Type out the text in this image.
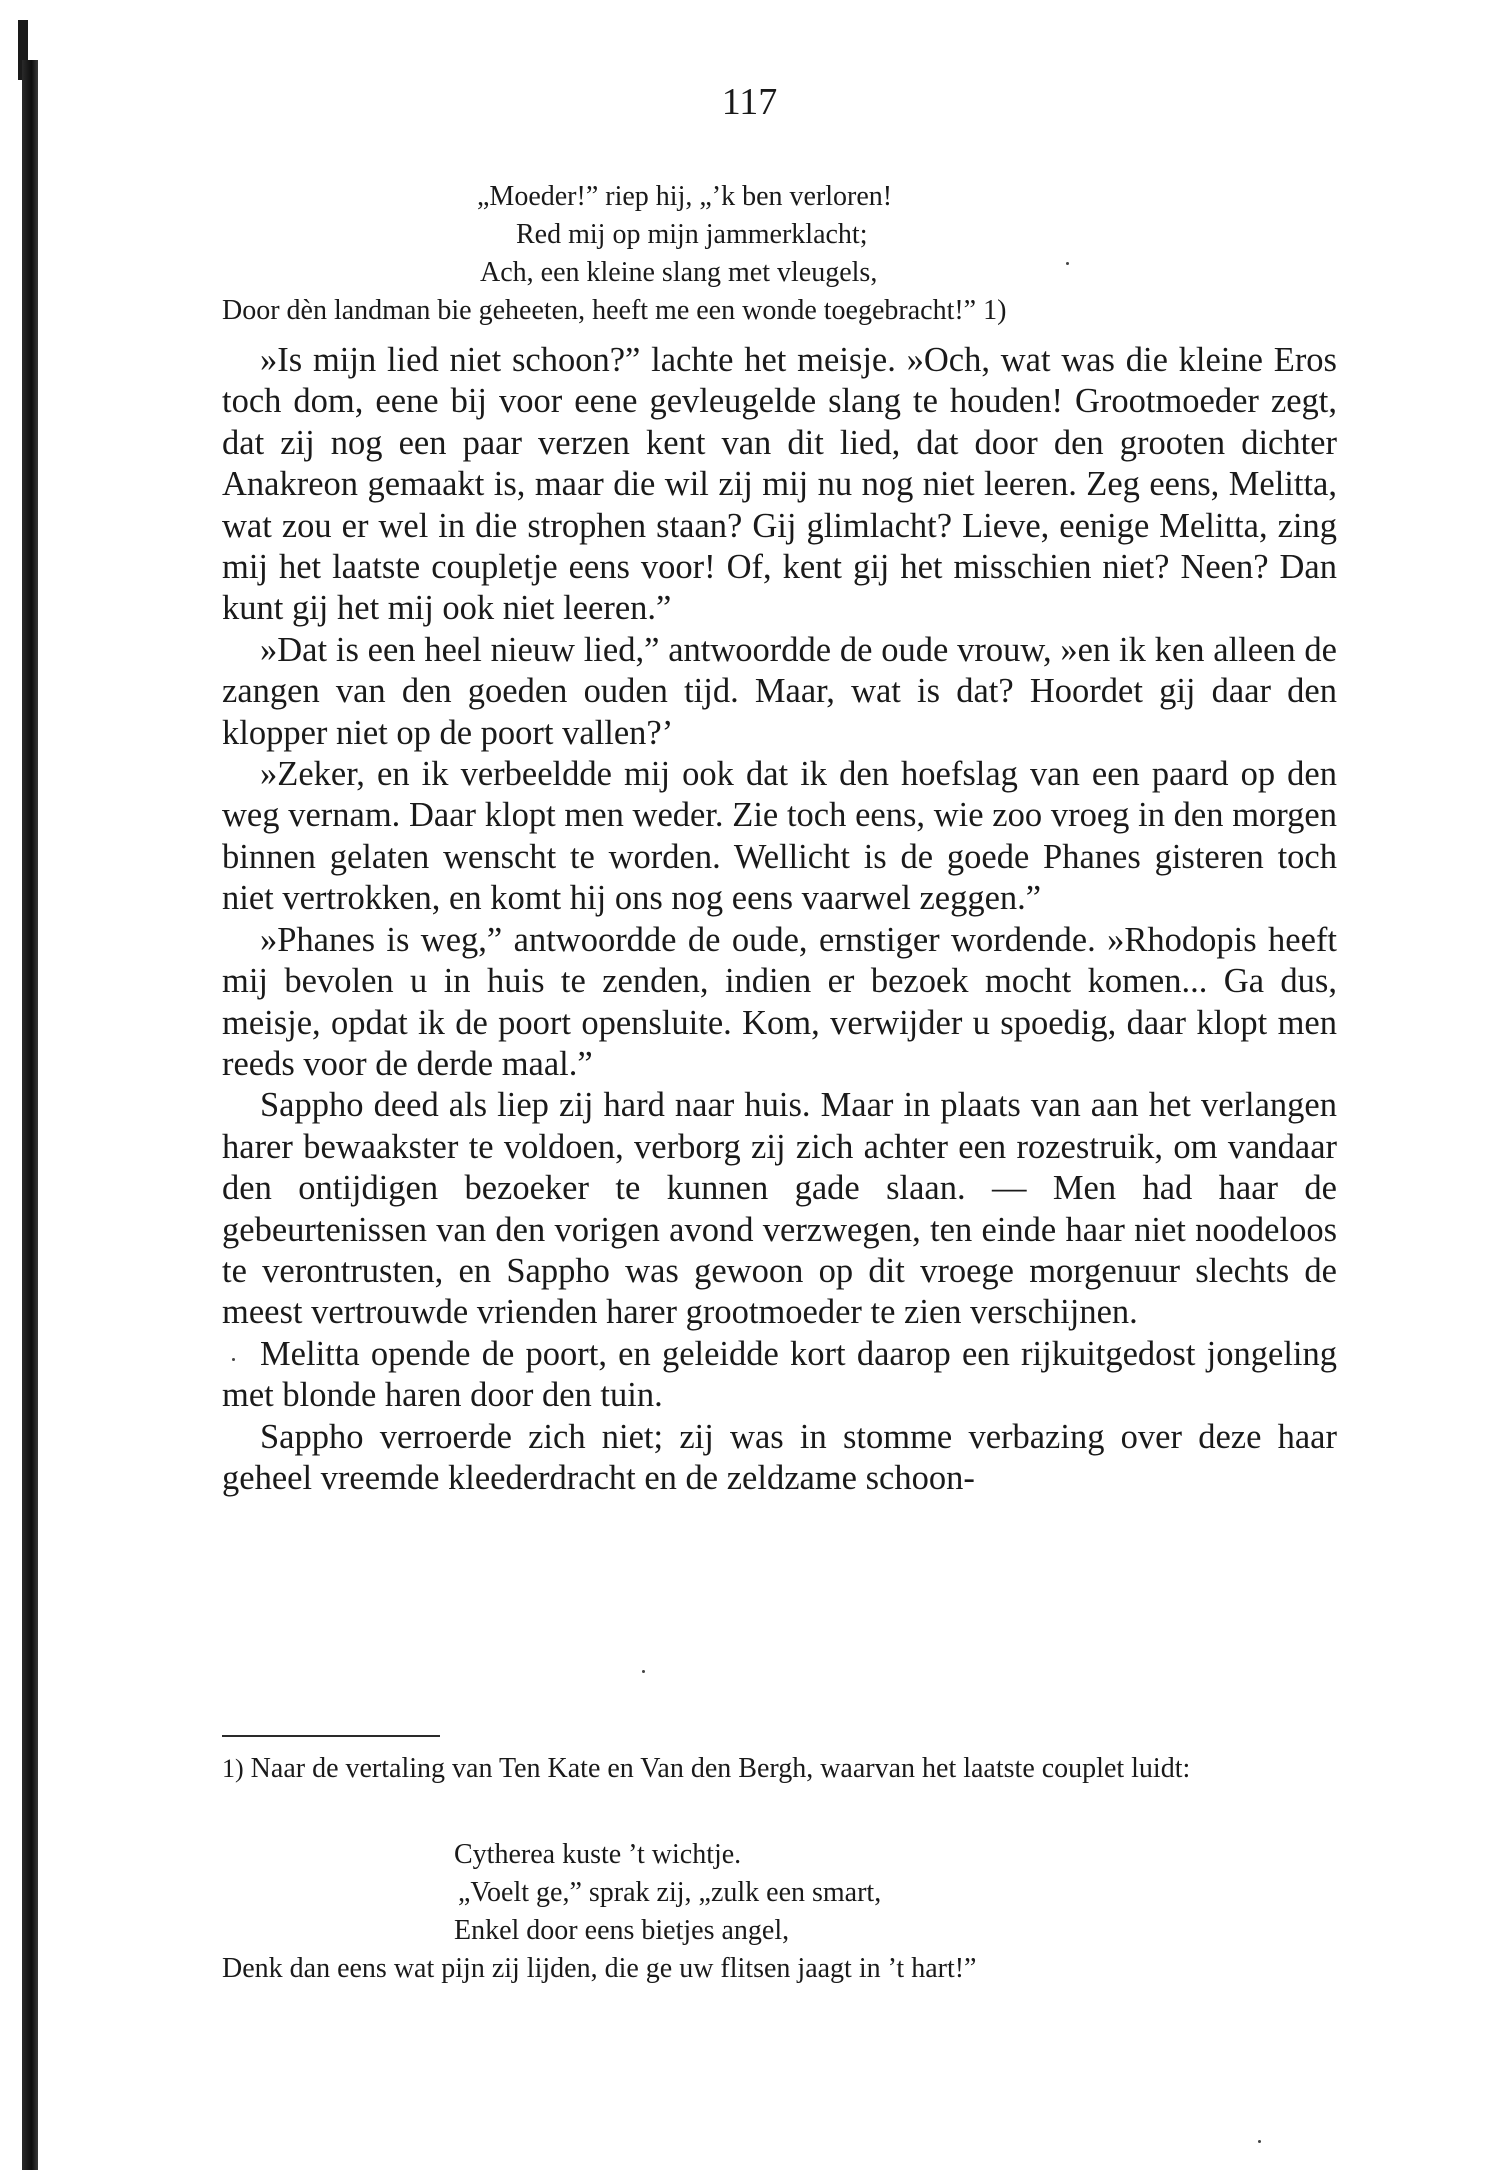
117
„Moeder!” riep hij, „’k ben verloren!
Red mij op mijn jammerklacht;
Ach, een kleine slang met vleugels,
Door dèn landman bie geheeten, heeft me een wonde toegebracht!” 1)

»Is mijn lied niet schoon?” lachte het meisje. »Och, wat was die kleine Eros toch dom, eene bij voor eene gevleugelde slang te houden! Grootmoeder zegt, dat zij nog een paar verzen kent van dit lied, dat door den grooten dichter Anakreon gemaakt is, maar die wil zij mij nu nog niet leeren. Zeg eens, Melitta, wat zou er wel in die strophen staan? Gij glimlacht? Lieve, eenige Melitta, zing mij het laatste coupletje eens voor! Of, kent gij het misschien niet? Neen? Dan kunt gij het mij ook niet leeren.”

»Dat is een heel nieuw lied,” antwoordde de oude vrouw, »en ik ken alleen de zangen van den goeden ouden tijd. Maar, wat is dat? Hoordet gij daar den klopper niet op de poort vallen?’

»Zeker, en ik verbeeldde mij ook dat ik den hoefslag van een paard op den weg vernam. Daar klopt men weder. Zie toch eens, wie zoo vroeg in den morgen binnen gelaten wenscht te worden. Wellicht is de goede Phanes gisteren toch niet vertrokken, en komt hij ons nog eens vaarwel zeggen.”

»Phanes is weg,” antwoordde de oude, ernstiger wordende. »Rhodopis heeft mij bevolen u in huis te zenden, indien er bezoek mocht komen... Ga dus, meisje, opdat ik de poort opensluite. Kom, verwijder u spoedig, daar klopt men reeds voor de derde maal.”

Sappho deed als liep zij hard naar huis. Maar in plaats van aan het verlangen harer bewaakster te voldoen, verborg zij zich achter een rozestruik, om vandaar den ontijdigen bezoeker te kunnen gade slaan. — Men had haar de gebeurtenissen van den vorigen avond verzwegen, ten einde haar niet noodeloos te verontrusten, en Sappho was gewoon op dit vroege morgenuur slechts de meest vertrouwde vrienden harer grootmoeder te zien verschijnen.

Melitta opende de poort, en geleidde kort daarop een rijkuitgedost jongeling met blonde haren door den tuin.

Sappho verroerde zich niet; zij was in stomme verbazing over deze haar geheel vreemde kleederdracht en de zeldzame schoon-

1) Naar de vertaling van Ten Kate en Van den Bergh, waarvan het laatste couplet luidt:
Cytherea kuste ’t wichtje.
„Voelt ge,” sprak zij, „zulk een smart,
Enkel door eens bietjes angel,
Denk dan eens wat pijn zij lijden, die ge uw flitsen jaagt in ’t hart!”
